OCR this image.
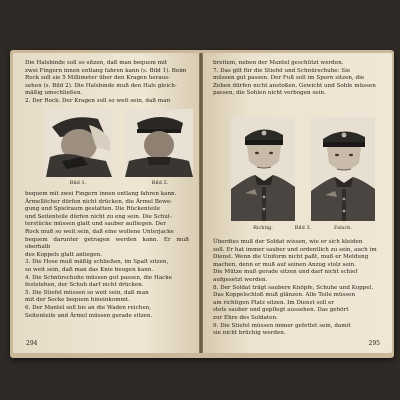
Die Halsbinde soll so sitzen, daß man bequem mit

zwei Fingern innen entlang fahren kann (s. Bild 1). Beim

Rock soll sie 5 Millimeter über den Kragen heraus-

sehen (s. Bild 2). Die Halsbinde muß den Hals gleich-

mäßig umschließen.

2. Der Rock. Der Kragen soll so weit sein, daß man

Bild 1.	Bild 2.

bequem mit zwei Fingern innen entlang fahren kann.

Ärmellöcher dürfen nicht drücken, die Ärmel Bewe-

gung und Spielraum gestatten. Die Rückenteile

und Seitenteile dürfen nicht zu eng sein. Die Schul-

terstücke müssen glatt und sauber aufliegen. Der

Rock muß so weit sein, daß eine wollene Unterjacke

bequem darunter getragen werden kann. Er muß oberhalb

des Koppels glatt anliegen.

3. Die Hose muß mäßig schließen, im Spalt sitzen,

so weit sein, daß man das Knie beugen kann.

4. Die Schnürschuhe müssen gut passen, die Hacke

feststehen, der Schuh darf nicht drücken.

5. Die Stiefel müssen so weit sein, daß man

mit der Socke bequem hineinkommt.

6. Der Mantel soll bis an die Waden reichen,

Seitenteile und Ärmel müssen gerade sitzen.

294

breitem, neben der Mantel geschützt werden.

7. Das gilt für die Stiefel und Schnürschuhe: Sie

müssen gut passen. Der Fuß soll im Sporn sitzen, die

Zehen dürfen nicht anstoßen. Gewicht und Sohle müssen

passen, die Sohlen nicht verbogen sein.

Richtig.	Bild 3.	Falsch.

Überdies muß der Soldat wissen, wie er sich kleiden

soll. Er hat immer sauber und ordentlich zu sein, auch im

Dienst. Wenn die Uniform nicht paßt, muß er Meldung

machen, denn er muß auf seinen Anzug stolz sein.

Die Mütze muß gerade sitzen und darf nicht schief

aufgesetzt werden.

8. Der Soldat trägt saubere Knöpfe, Schuhe und Koppel.

Das Koppelschloß muß glänzen. Alle Teile müssen

am richtigen Platz sitzen. Im Dienst soll er

stets sauber und gepflegt aussehen. Das gehört

zur Ehre des Soldaten.

9. Die Stiefel müssen immer gefettet sein, damit

sie nicht brüchig werden.

295
